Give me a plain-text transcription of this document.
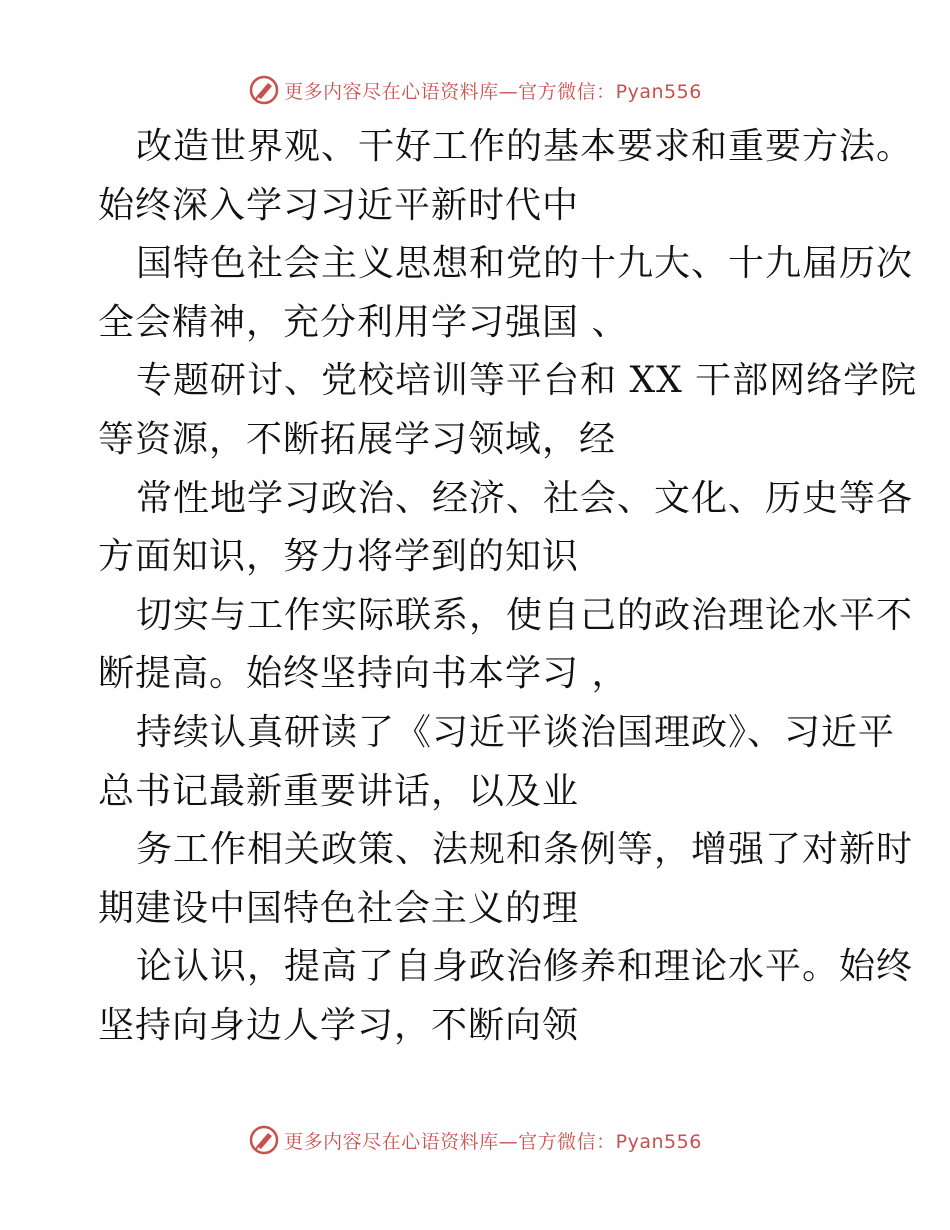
更多内容尽在心语资料库—官方微信：Pyan556
改造世界观、干好工作的基本要求和重要方法。
始终深入学习习近平新时代中
国特色社会主义思想和党的十九大、十九届历次
全会精神，充分利用学习强国 、
专题研讨、党校培训等平台和 XX 干部网络学院
等资源，不断拓展学习领域，经
常性地学习政治、经济、社会、文化、历史等各
方面知识，努力将学到的知识
切实与工作实际联系，使自己的政治理论水平不
断提高。始终坚持向书本学习 ，
持续认真研读了《习近平谈治国理政》、习近平
总书记最新重要讲话，以及业
务工作相关政策、法规和条例等，增强了对新时
期建设中国特色社会主义的理
论认识，提高了自身政治修养和理论水平。始终
坚持向身边人学习，不断向领
更多内容尽在心语资料库—官方微信：Pyan556
